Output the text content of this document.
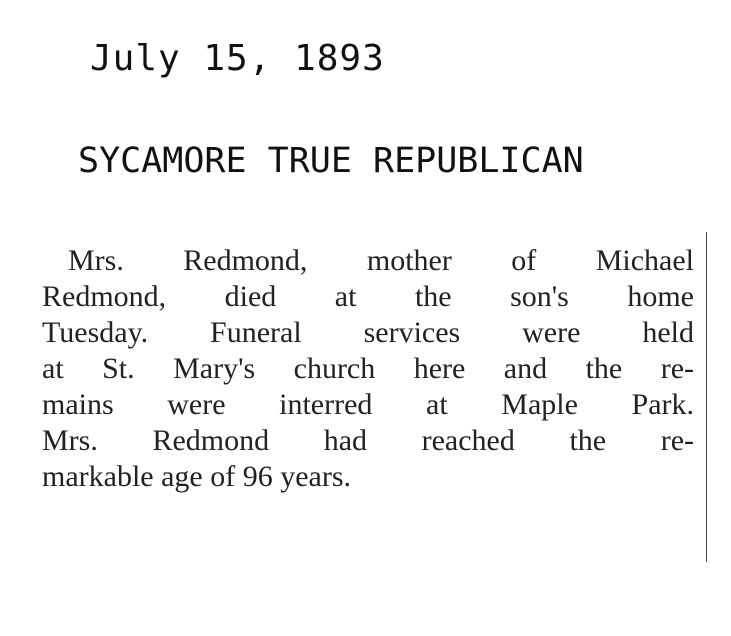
July 15, 1893
SYCAMORE TRUE REPUBLICAN
Mrs. Redmond, mother of Michael
Redmond, died at the son's home
Tuesday. Funeral services were held
at St. Mary's church here and the re-
mains were interred at Maple Park.
Mrs. Redmond had reached the re-
markable age of 96 years.
